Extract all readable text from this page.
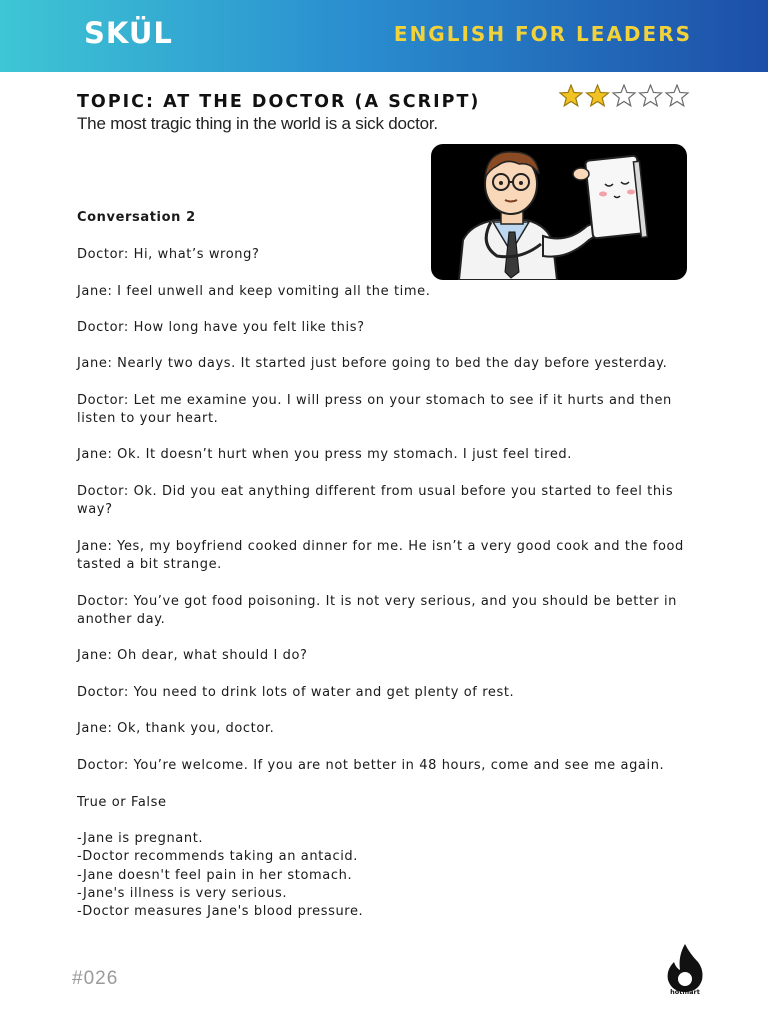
SKÜL	ENGLISH FOR LEADERS
TOPIC: AT THE DOCTOR (A SCRIPT)
The most tragic thing in the world is a sick doctor.
Conversation 2
Doctor: Hi, what’s wrong?
Jane: I feel unwell and keep vomiting all the time.
Doctor: How long have you felt like this?
Jane: Nearly two days. It started just before going to bed the day before yesterday.
Doctor: Let me examine you. I will press on your stomach to see if it hurts and then
listen to your heart.
Jane: Ok. It doesn’t hurt when you press my stomach. I just feel tired.
Doctor: Ok. Did you eat anything different from usual before you started to feel this
way?
Jane: Yes, my boyfriend cooked dinner for me. He isn’t a very good cook and the food
tasted a bit strange.
Doctor: You’ve got food poisoning. It is not very serious, and you should be better in
another day.
Jane: Oh dear, what should I do?
Doctor: You need to drink lots of water and get plenty of rest.
Jane: Ok, thank you, doctor.
Doctor: You’re welcome. If you are not better in 48 hours, come and see me again.
True or False
-Jane is pregnant.
-Doctor recommends taking an antacid.
-Jane doesn't feel pain in her stomach.
-Jane's illness is very serious.
-Doctor measures Jane's blood pressure.
#026
hotmart
